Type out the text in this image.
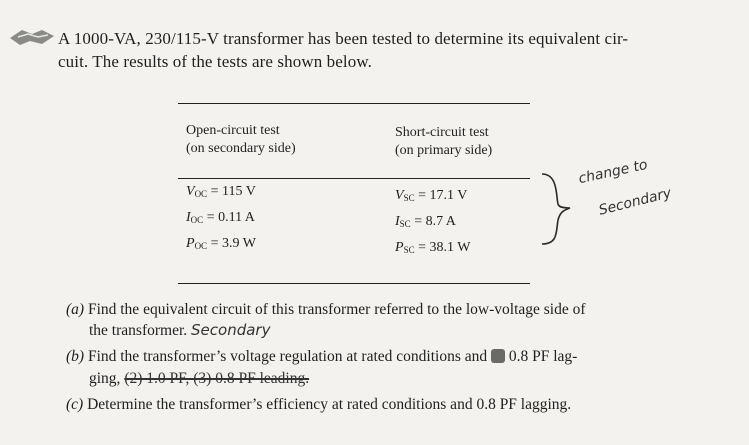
A 1000-VA, 230/115-V transformer has been tested to determine its equivalent cir-
cuit. The results of the tests are shown below.
Open-circuit test
(on secondary side)
Short-circuit test
(on primary side)
$V_{OC} = 115$ V
$I_{OC} = 0.11$ A
$P_{OC} = 3.9$ W
$V_{SC} = 17.1$ V
$I_{SC} = 8.7$ A
$P_{SC} = 38.1$ W
change to
Secondary
(a) Find the equivalent circuit of this transformer referred to the low-voltage side of
the transformer. Secondary
(b) Find the transformer’s voltage regulation at rated conditions and 0.8 PF lag-
ging, (2) 1.0 PF, (3) 0.8 PF leading.
(c) Determine the transformer’s efficiency at rated conditions and 0.8 PF lagging.
